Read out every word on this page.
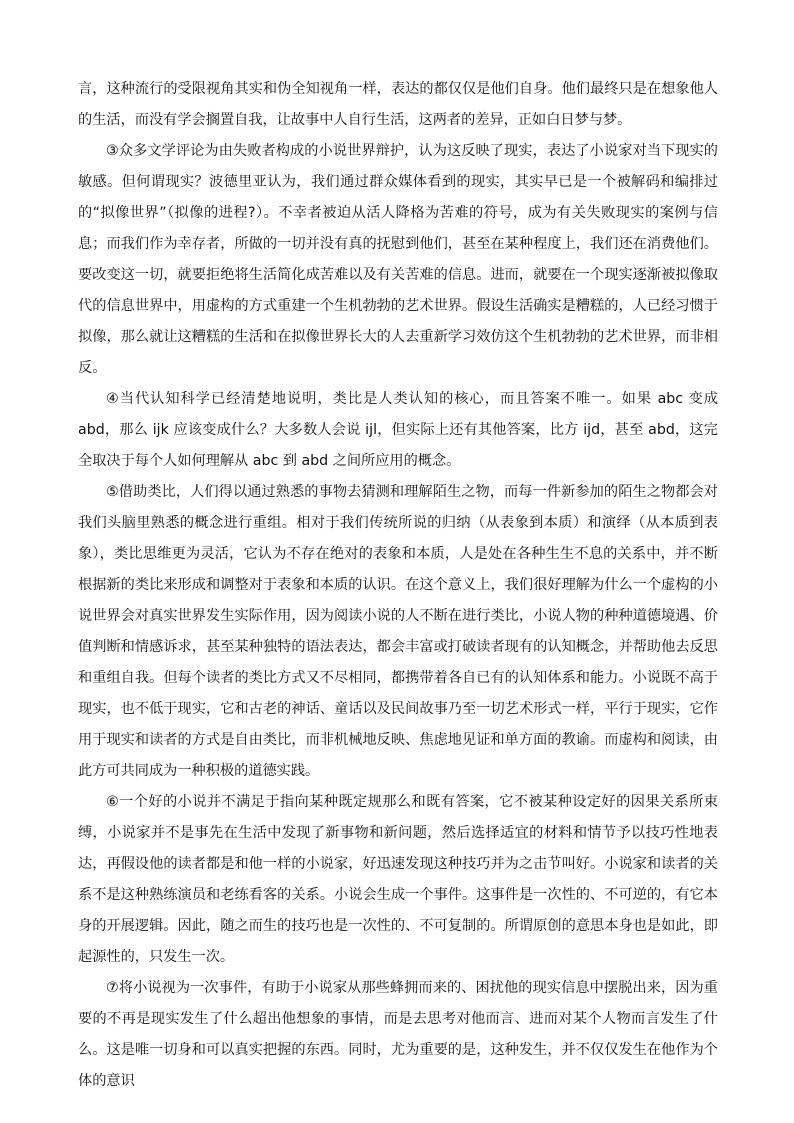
言，这种流行的受限视角其实和伪全知视角一样，表达的都仅仅是他们自身。他们最终只是在想象他人的生活，而没有学会搁置自我，让故事中人自行生活，这两者的差异，正如白日梦与梦。

③众多文学评论为由失败者构成的小说世界辩护，认为这反映了现实，表达了小说家对当下现实的敏感。但何谓现实？波德里亚认为，我们通过群众媒体看到的现实，其实早已是一个被解码和编排过的“拟像世界”（拟像的进程?）。不幸者被迫从活人降格为苦难的符号，成为有关失败现实的案例与信息；而我们作为幸存者，所做的一切并没有真的抚慰到他们，甚至在某种程度上，我们还在消费他们。要改变这一切，就要拒绝将生活简化成苦难以及有关苦难的信息。进而，就要在一个现实逐渐被拟像取代的信息世界中，用虚构的方式重建一个生机勃勃的艺术世界。假设生活确实是糟糕的，人已经习惯于拟像，那么就让这糟糕的生活和在拟像世界长大的人去重新学习效仿这个生机勃勃的艺术世界，而非相反。

④当代认知科学已经清楚地说明，类比是人类认知的核心，而且答案不唯一。如果 abc 变成 abd，那么 ijk 应该变成什么？大多数人会说 ijl，但实际上还有其他答案，比方 ijd，甚至 abd，这完全取决于每个人如何理解从 abc 到 abd 之间所应用的概念。

⑤借助类比，人们得以通过熟悉的事物去猜测和理解陌生之物，而每一件新参加的陌生之物都会对我们头脑里熟悉的概念进行重组。相对于我们传统所说的归纳（从表象到本质）和演绎（从本质到表象），类比思维更为灵活，它认为不存在绝对的表象和本质，人是处在各种生生不息的关系中，并不断根据新的类比来形成和调整对于表象和本质的认识。在这个意义上，我们很好理解为什么一个虚构的小说世界会对真实世界发生实际作用，因为阅读小说的人不断在进行类比，小说人物的种种道德境遇、价值判断和情感诉求，甚至某种独特的语法表达，都会丰富或打破读者现有的认知概念，并帮助他去反思和重组自我。但每个读者的类比方式又不尽相同，都携带着各自已有的认知体系和能力。小说既不高于现实，也不低于现实，它和古老的神话、童话以及民间故事乃至一切艺术形式一样，平行于现实，它作用于现实和读者的方式是自由类比，而非机械地反映、焦虑地见证和单方面的教谕。而虚构和阅读，由此方可共同成为一种积极的道德实践。

⑥一个好的小说并不满足于指向某种既定规那么和既有答案，它不被某种设定好的因果关系所束缚，小说家并不是事先在生活中发现了新事物和新问题，然后选择适宜的材料和情节予以技巧性地表达，再假设他的读者都是和他一样的小说家，好迅速发现这种技巧并为之击节叫好。小说家和读者的关系不是这种熟练演员和老练看客的关系。小说会生成一个事件。这事件是一次性的、不可逆的，有它本身的开展逻辑。因此，随之而生的技巧也是一次性的、不可复制的。所谓原创的意思本身也是如此，即起源性的，只发生一次。

⑦将小说视为一次事件，有助于小说家从那些蜂拥而来的、困扰他的现实信息中摆脱出来，因为重要的不再是现实发生了什么超出他想象的事情，而是去思考对他而言、进而对某个人物而言发生了什么。这是唯一切身和可以真实把握的东西。同时，尤为重要的是，这种发生，并不仅仅发生在他作为个体的意识
